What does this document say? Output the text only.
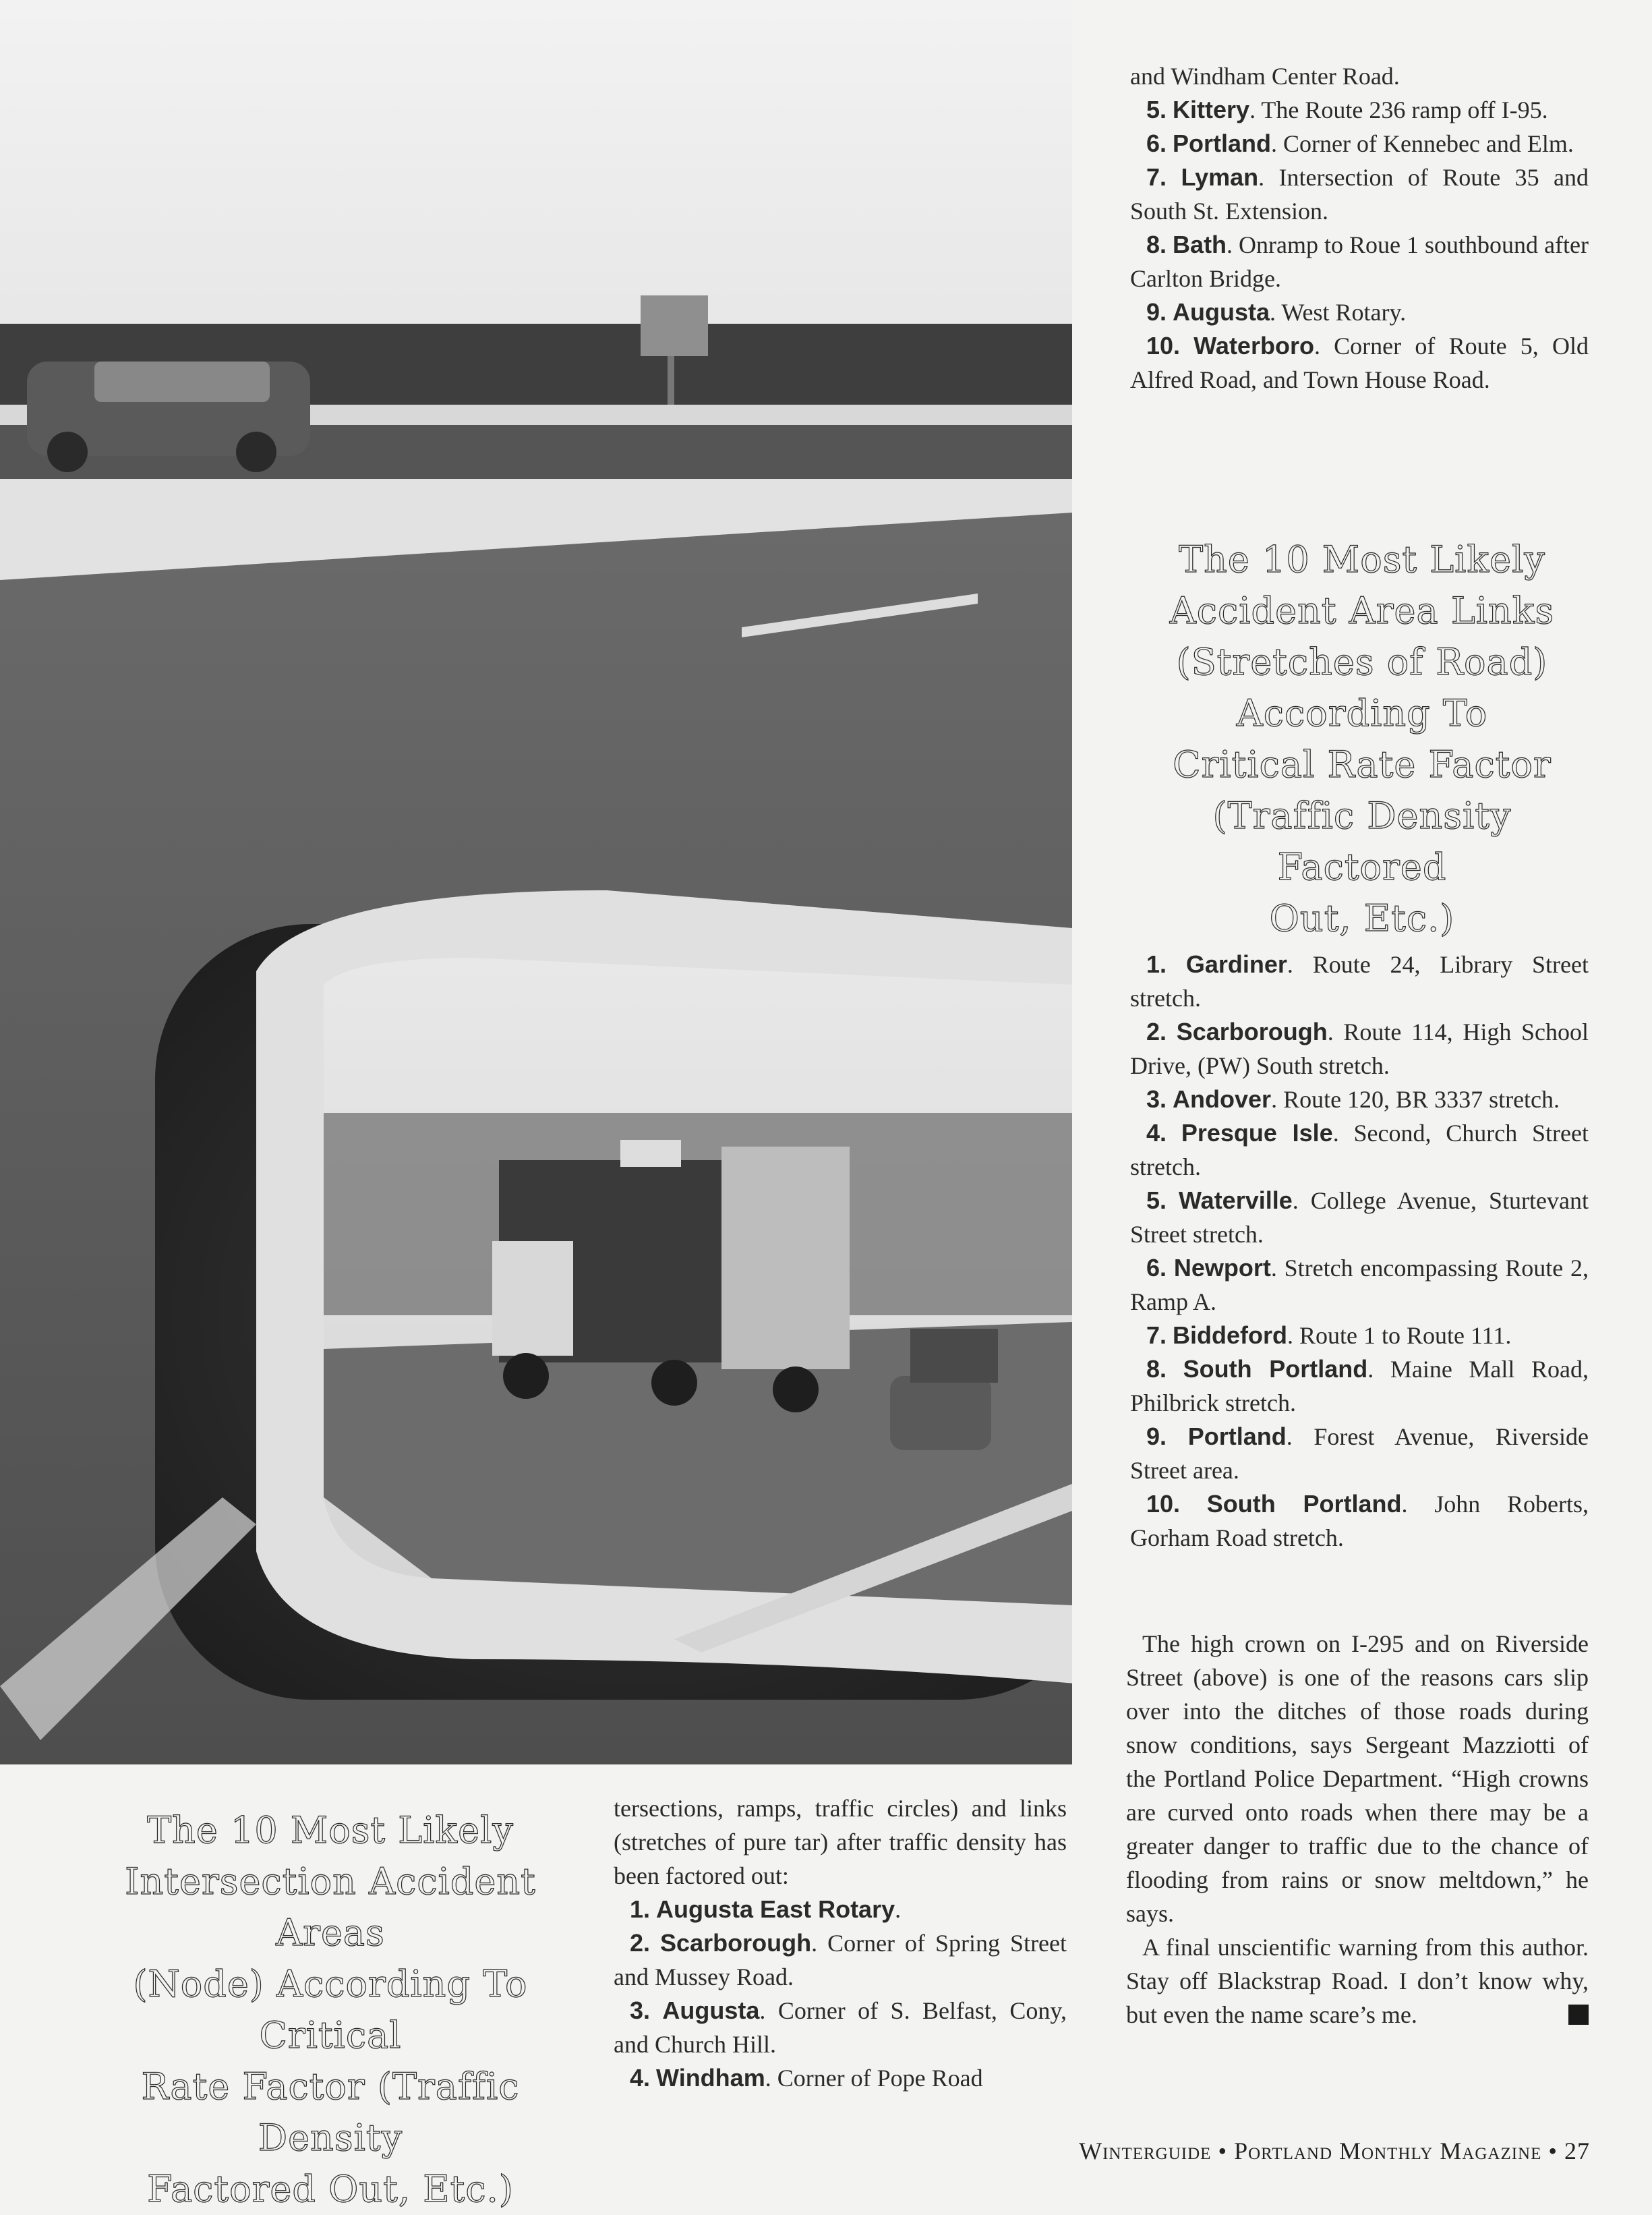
and Windham Center Road.

5. Kittery. The Route 236 ramp off I-95.

6. Portland. Corner of Kennebec and Elm.

7. Lyman. Intersection of Route 35 and South St. Extension.

8. Bath. Onramp to Roue 1 southbound after Carlton Bridge.

9. Augusta. West Rotary.

10. Waterboro. Corner of Route 5, Old Alfred Road, and Town House Road.

The 10 Most Likely
Accident Area Links
(Stretches of Road)
According To
Critical Rate Factor
(Traffic Density Factored
Out, Etc.)

1. Gardiner. Route 24, Library Street stretch.

2. Scarborough. Route 114, High School Drive, (PW) South stretch.

3. Andover. Route 120, BR 3337 stretch.

4. Presque Isle. Second, Church Street stretch.

5. Waterville. College Avenue, Sturtevant Street stretch.

6. Newport. Stretch encompassing Route 2, Ramp A.

7. Biddeford. Route 1 to Route 111.

8. South Portland. Maine Mall Road, Philbrick stretch.

9. Portland. Forest Avenue, Riverside Street area.

10. South Portland. John Roberts, Gorham Road stretch.

The high crown on I-295 and on Riverside Street (above) is one of the reasons cars slip over into the ditches of those roads during snow conditions, says Sergeant Mazziotti of the Portland Police Department. “High crowns are curved onto roads when there may be a greater danger to traffic due to the chance of flooding from rains or snow meltdown,” he says.

A final unscientific warning from this author. Stay off Blackstrap Road. I don’t know why, but even the name scare’s me.

The 10 Most Likely
Intersection Accident Areas
(Node) According To Critical
Rate Factor (Traffic Density
Factored Out, Etc.)

tersections, ramps, traffic circles) and links (stretches of pure tar) after traffic density has been factored out:

1. Augusta East Rotary.

2. Scarborough. Corner of Spring Street and Mussey Road.

3. Augusta. Corner of S. Belfast, Cony, and Church Hill.

4. Windham. Corner of Pope Road

Winterguide • Portland Monthly Magazine • 27
